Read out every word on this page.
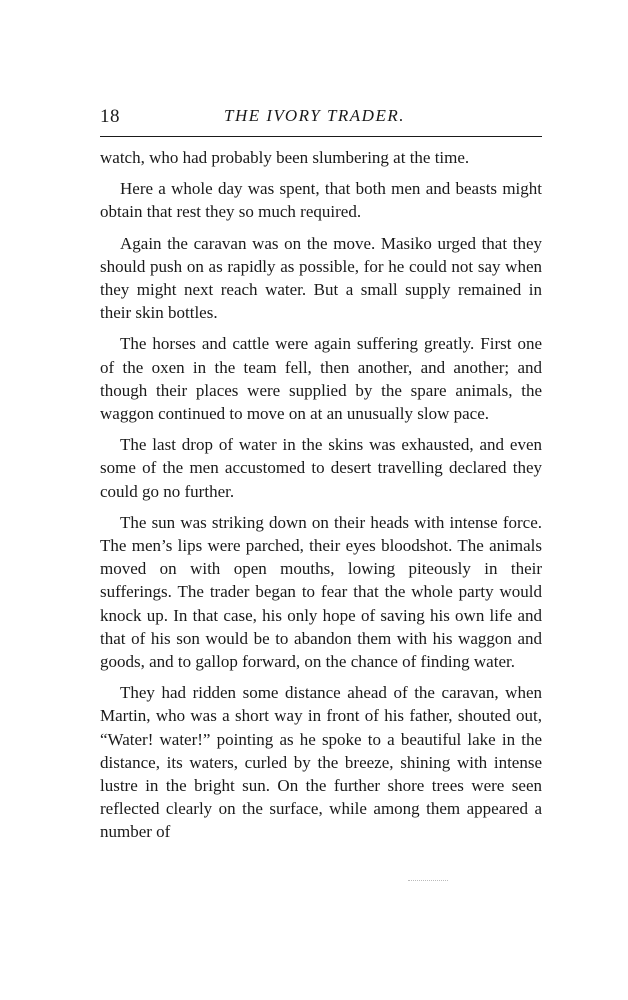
18	THE IVORY TRADER.

watch, who had probably been slumbering at the time.

Here a whole day was spent, that both men and beasts might obtain that rest they so much required.

Again the caravan was on the move. Masiko urged that they should push on as rapidly as possible, for he could not say when they might next reach water. But a small supply remained in their skin bottles.

The horses and cattle were again suffering greatly. First one of the oxen in the team fell, then another, and another; and though their places were supplied by the spare animals, the waggon continued to move on at an unusually slow pace.

The last drop of water in the skins was exhausted, and even some of the men accustomed to desert travelling declared they could go no further.

The sun was striking down on their heads with intense force. The men’s lips were parched, their eyes bloodshot. The animals moved on with open mouths, lowing piteously in their sufferings. The trader began to fear that the whole party would knock up. In that case, his only hope of saving his own life and that of his son would be to abandon them with his waggon and goods, and to gallop forward, on the chance of finding water.

They had ridden some distance ahead of the caravan, when Martin, who was a short way in front of his father, shouted out, “Water! water!” pointing as he spoke to a beautiful lake in the distance, its waters, curled by the breeze, shining with intense lustre in the bright sun. On the further shore trees were seen reflected clearly on the surface, while among them appeared a number of
